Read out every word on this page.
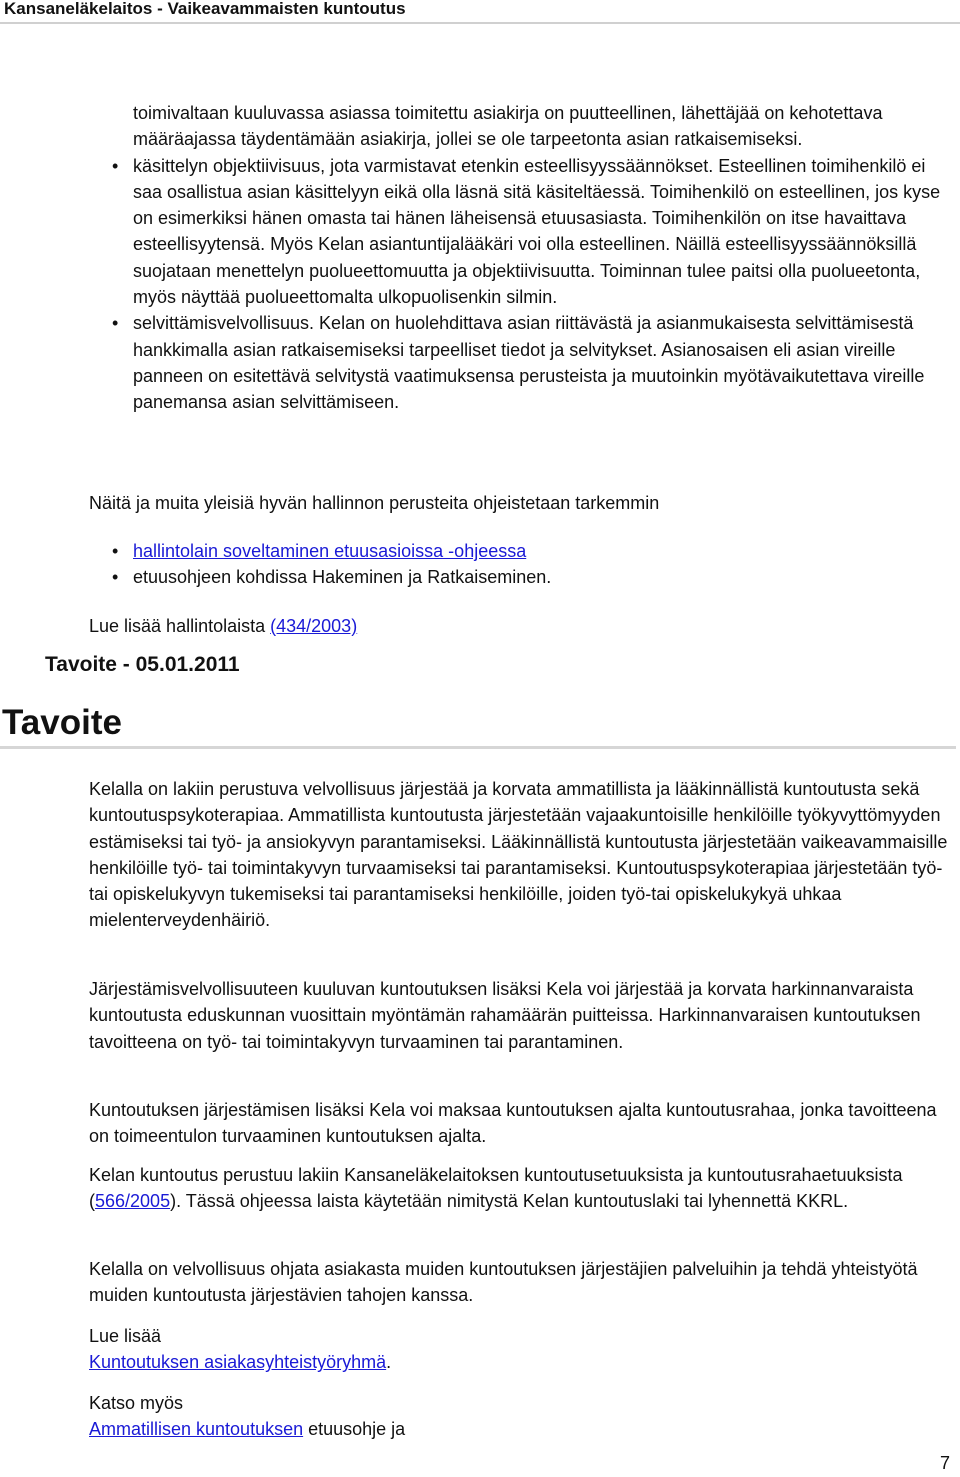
Kansaneläkelaitos - Vaikeavammaisten kuntoutus
toimivaltaan kuuluvassa asiassa toimitettu asiakirja on puutteellinen, lähettäjää on kehotettava määräajassa täydentämään asiakirja, jollei se ole tarpeetonta asian ratkaisemiseksi.
• käsittelyn objektiivisuus, jota varmistavat etenkin esteellisyyssäännökset. Esteellinen toimihenkilö ei saa osallistua asian käsittelyyn eikä olla läsnä sitä käsiteltäessä. Toimihenkilö on esteellinen, jos kyse on esimerkiksi hänen omasta tai hänen läheisensä etuusasiasta. Toimihenkilön on itse havaittava esteellisyytensä. Myös Kelan asiantuntijalääkäri voi olla esteellinen. Näillä esteellisyyssäännöksillä suojataan menettelyn puolueettomuutta ja objektiivisuutta. Toiminnan tulee paitsi olla puolueetonta, myös näyttää puolueettomalta ulkopuolisenkin silmin.
• selvittämisvelvollisuus. Kelan on huolehdittava asian riittävästä ja asianmukaisesta selvittämisestä hankkimalla asian ratkaisemiseksi tarpeelliset tiedot ja selvitykset. Asianosaisen eli asian vireille panneen on esitettävä selvitystä vaatimuksensa perusteista ja muutoinkin myötävaikutettava vireille panemansa asian selvittämiseen.

Näitä ja muita yleisiä hyvän hallinnon perusteita ohjeistetaan tarkemmin

• hallintolain soveltaminen etuusasioissa -ohjeessa
• etuusohjeen kohdissa Hakeminen ja Ratkaiseminen.

Lue lisää hallintolaista (434/2003)

Tavoite - 05.01.2011
Tavoite

Kelalla on lakiin perustuva velvollisuus järjestää ja korvata ammatillista ja lääkinnällistä kuntoutusta sekä kuntoutuspsykoterapiaa. Ammatillista kuntoutusta järjestetään vajaakuntoisille henkilöille työkyvyttömyyden estämiseksi tai työ- ja ansiokyvyn parantamiseksi. Lääkinnällistä kuntoutusta järjestetään vaikeavammaisille henkilöille työ- tai toimintakyvyn turvaamiseksi tai parantamiseksi. Kuntoutuspsykoterapiaa järjestetään työ- tai opiskelukyvyn tukemiseksi tai parantamiseksi henkilöille, joiden työ-tai opiskelukykyä uhkaa mielenterveydenhäiriö.

Järjestämisvelvollisuuteen kuuluvan kuntoutuksen lisäksi Kela voi järjestää ja korvata harkinnanvaraista kuntoutusta eduskunnan vuosittain myöntämän rahamäärän puitteissa. Harkinnanvaraisen kuntoutuksen tavoitteena on työ- tai toimintakyvyn turvaaminen tai parantaminen.

Kuntoutuksen järjestämisen lisäksi Kela voi maksaa kuntoutuksen ajalta kuntoutusrahaa, jonka tavoitteena on toimeentulon turvaaminen kuntoutuksen ajalta.

Kelan kuntoutus perustuu lakiin Kansaneläkelaitoksen kuntoutusetuuksista ja kuntoutusrahaetuuksista (566/2005). Tässä ohjeessa laista käytetään nimitystä Kelan kuntoutuslaki tai lyhennettä KKRL.

Kelalla on velvollisuus ohjata asiakasta muiden kuntoutuksen järjestäjien palveluihin ja tehdä yhteistyötä muiden kuntoutusta järjestävien tahojen kanssa.

Lue lisää
Kuntoutuksen asiakasyhteistyöryhmä.

Katso myös
Ammatillisen kuntoutuksen etuusohje ja

7
